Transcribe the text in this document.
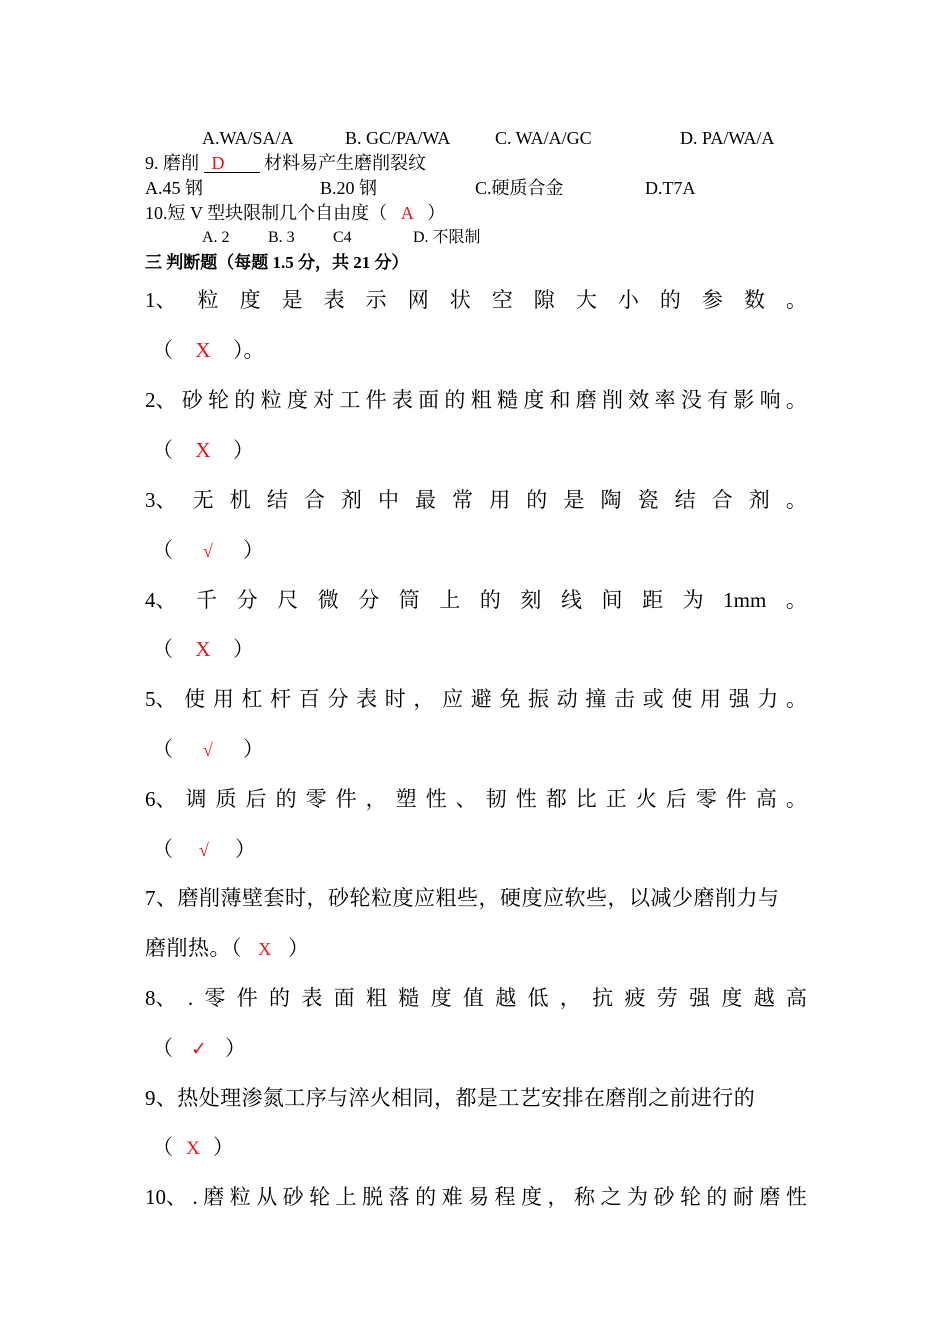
A.WA/SA/A	B. GC/PA/WA C. WA/A/GC	D. PA/WA/A
9. 磨削 D 材料易产生磨削裂纹
A.45 钢	B.20 钢	C.硬质合金	D.T7A
10.短 V 型块限制几个自由度（ A ）
A. 2 B. 3 C4	D. 不限制
三 判断题（每题 1.5 分，共 21 分）
1、 粒 度 是 表 示 网 状 空 隙 大 小 的 参 数 。
（ X ）。
2、 砂 轮 的 粒 度 对 工 件 表 面 的 粗 糙 度 和 磨 削 效 率 没 有 影 响 。
（ X ）
3、 无 机 结 合 剂 中 最 常 用 的 是 陶 瓷 结 合 剂 。
（ √ ）
4、 千 分 尺 微 分 筒 上 的 刻 线 间 距 为 1mm 。
（ X ）
5、 使 用 杠 杆 百 分 表 时 ， 应 避 免 振 动 撞 击 或 使 用 强 力 。
（ √ ）
6、 调 质 后 的 零 件 ， 塑 性 、 韧 性 都 比 正 火 后 零 件 高 。
（ √ ）
7、磨削薄壁套时，砂轮粒度应粗些，硬度应软些，以减少磨削力与
磨削热。（ X ）
8、 . 零 件 的 表 面 粗 糙 度 值 越 低 ， 抗 疲 劳 强 度 越 高
（ ✓ ）
9、热处理渗氮工序与淬火相同，都是工艺安排在磨削之前进行的
（ X ）
10、 . 磨 粒 从 砂 轮 上 脱 落 的 难 易 程 度 ， 称 之 为 砂 轮 的 耐 磨 性
